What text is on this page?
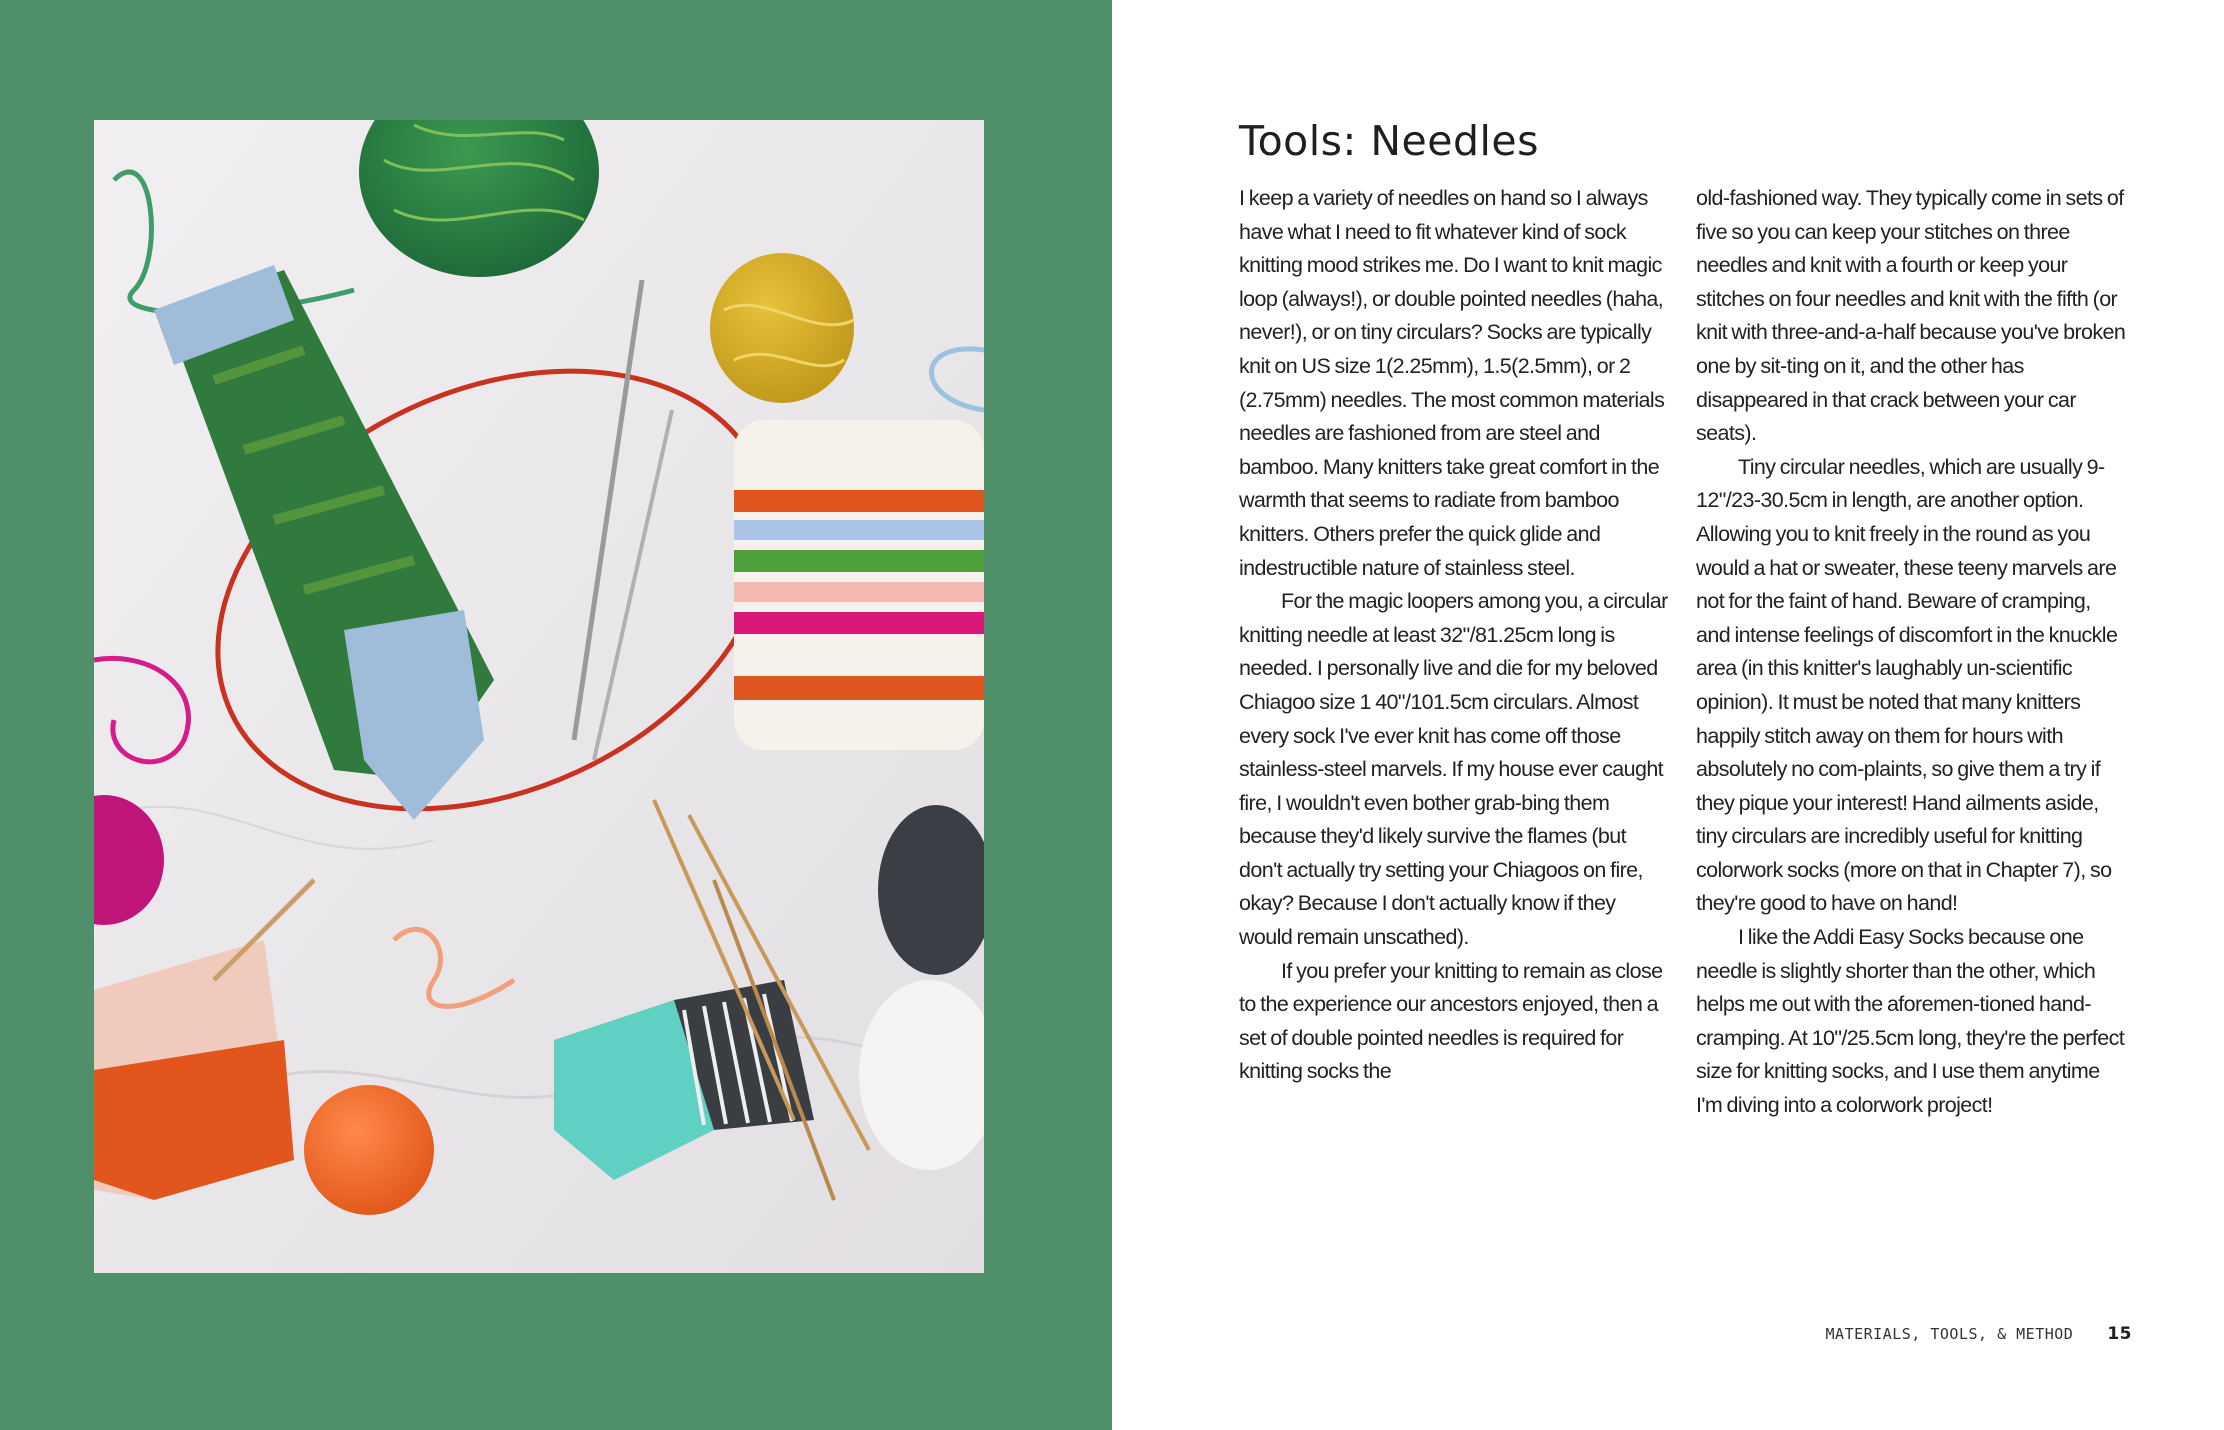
Tools: Needles

I keep a variety of needles on hand so I always have what I need to fit whatever kind of sock knitting mood strikes me. Do I want to knit magic loop (always!), or double pointed needles (haha, never!), or on tiny circulars? Socks are typically knit on US size 1(2.25mm), 1.5(2.5mm), or 2 (2.75mm) needles. The most common materials needles are fashioned from are steel and bamboo. Many knitters take great comfort in the warmth that seems to radiate from bamboo knitters. Others prefer the quick glide and indestructible nature of stainless steel.

For the magic loopers among you, a circular knitting needle at least 32"/81.25cm long is needed. I personally live and die for my beloved Chiagoo size 1 40"/101.5cm circulars. Almost every sock I've ever knit has come off those stainless-steel marvels. If my house ever caught fire, I wouldn't even bother grab-bing them because they'd likely survive the flames (but don't actually try setting your Chiagoos on fire, okay? Because I don't actually know if they would remain unscathed).

If you prefer your knitting to remain as close to the experience our ancestors enjoyed, then a set of double pointed needles is required for knitting socks the

old-fashioned way. They typically come in sets of five so you can keep your stitches on three needles and knit with a fourth or keep your stitches on four needles and knit with the fifth (or knit with three-and-a-half because you've broken one by sit-ting on it, and the other has disappeared in that crack between your car seats).

Tiny circular needles, which are usually 9-12"/23-30.5cm in length, are another option. Allowing you to knit freely in the round as you would a hat or sweater, these teeny marvels are not for the faint of hand. Beware of cramping, and intense feelings of discomfort in the knuckle area (in this knitter's laughably un-scientific opinion). It must be noted that many knitters happily stitch away on them for hours with absolutely no com-plaints, so give them a try if they pique your interest! Hand ailments aside, tiny circulars are incredibly useful for knitting colorwork socks (more on that in Chapter 7), so they're good to have on hand!

I like the Addi Easy Socks because one needle is slightly shorter than the other, which helps me out with the aforemen-tioned hand-cramping. At 10"/25.5cm long, they're the perfect size for knitting socks, and I use them anytime I'm diving into a colorwork project!

MATERIALS, TOOLS, & METHOD 15
